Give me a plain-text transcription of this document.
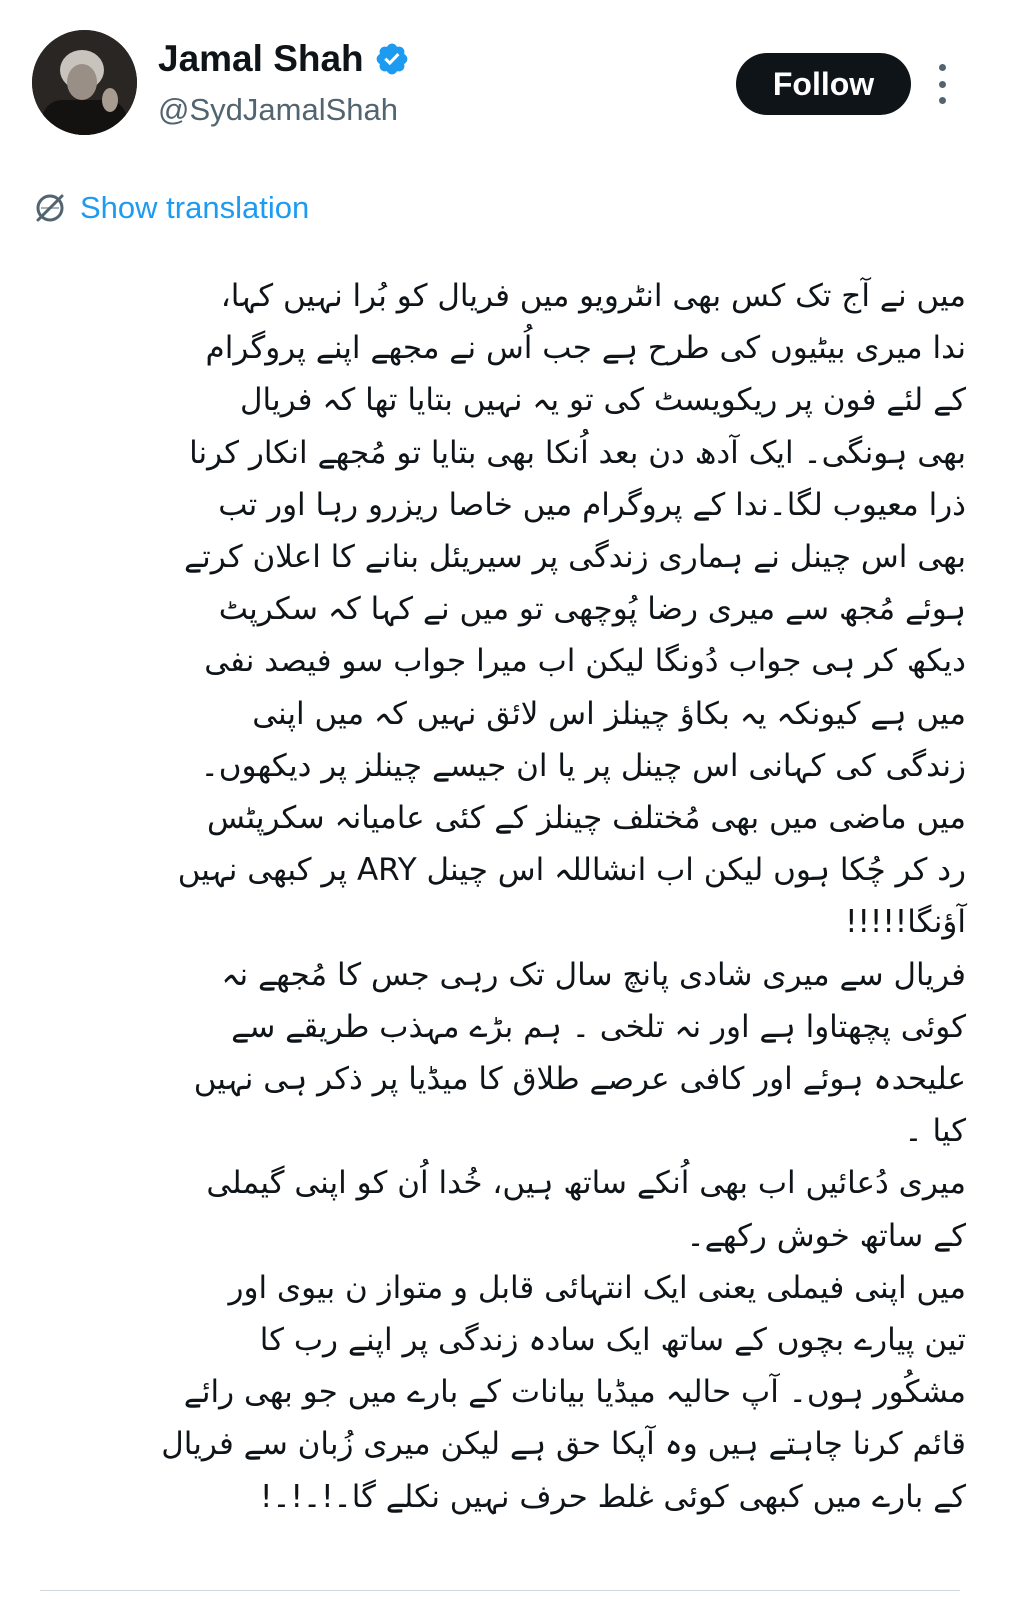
Jamal Shah
@SydJamalShah
Follow
Show translation
میں نے آج تک کس بھی انٹرویو میں فریال کو بُرا نہیں کہا،
ندا میری بیٹیوں کی طرح ہے جب اُس نے مجھے اپنے پروگرام
کے لئے فون پر ریکویسٹ کی تو یہ نہیں بتایا تھا کہ فریال
بھی ہونگی۔ ایک آدھ دن بعد اُنکا بھی بتایا تو مُجھے انکار کرنا
ذرا معیوب لگا۔ندا کے پروگرام میں خاصا ریزرو رہا اور تب
بھی اس چینل نے ہماری زندگی پر سیریئل بنانے کا اعلان کرتے
ہوئے مُجھ سے میری رضا پُوچھی تو میں نے کہا کہ سکرپٹ
دیکھ کر ہی جواب دُونگا لیکن اب میرا جواب سو فیصد نفی
میں ہے کیونکہ یہ بکاؤ چینلز اس لائق نہیں کہ میں اپنی
زندگی کی کہانی اس چینل پر یا ان جیسے چینلز پر دیکھوں۔
میں ماضی میں بھی مُختلف چینلز کے کئی عامیانہ سکرپٹس
رد کر چُکا ہوں لیکن اب انشاللہ اس چینل ARY پر کبھی نہیں
آؤنگا!!!!!
فریال سے میری شادی پانچ سال تک رہی جس کا مُجھے نہ
کوئی پچھتاوا ہے اور نہ تلخی ۔ ہم بڑے مہذب طریقے سے
علیحدہ ہوئے اور کافی عرصے طلاق کا میڈیا پر ذکر ہی نہیں
کیا ۔
میری دُعائیں اب بھی اُنکے ساتھ ہیں، خُدا اُن کو اپنی گیملی
کے ساتھ خوش رکھے۔
میں اپنی فیملی یعنی ایک انتہائی قابل و متواز ن بیوی اور
تین پیارے بچوں کے ساتھ ایک سادہ زندگی پر اپنے رب کا
مشکُور ہوں۔ آپ حالیہ میڈیا بیانات کے بارے میں جو بھی رائے
قائم کرنا چاہتے ہیں وہ آپکا حق ہے لیکن میری زُبان سے فریال
کے بارے میں کبھی کوئی غلط حرف نہیں نکلے گا۔!۔!۔!
